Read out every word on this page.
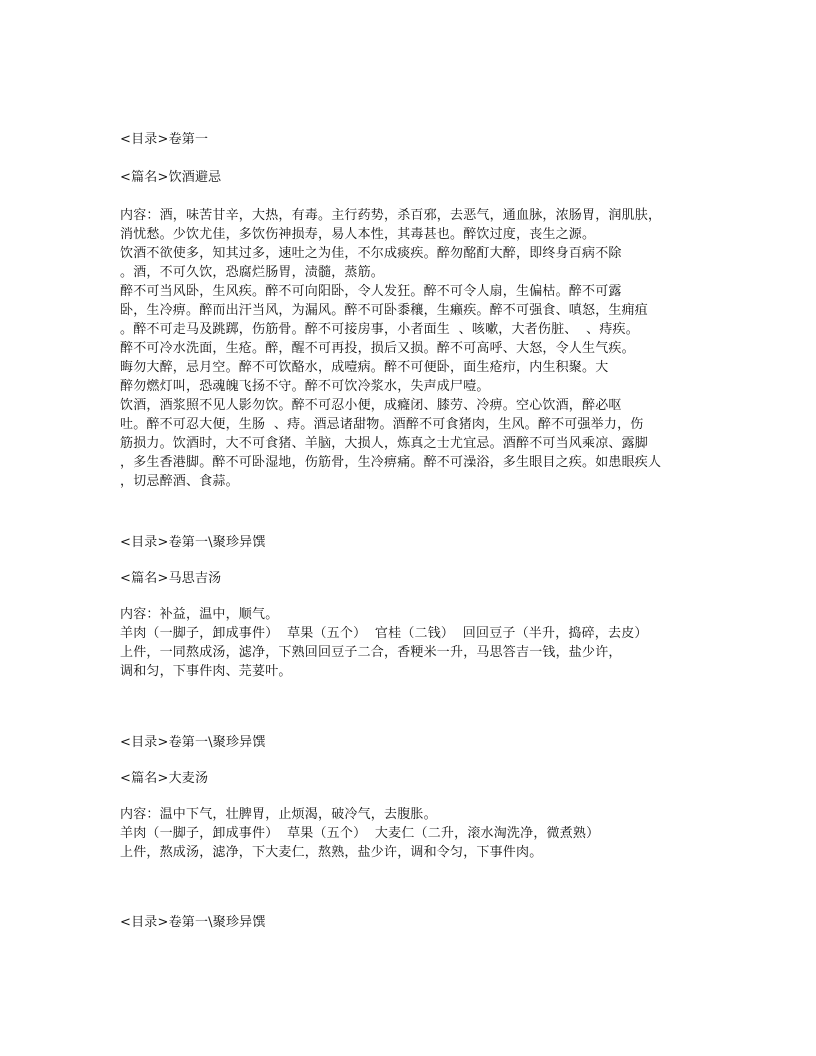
<目录>卷第一
<篇名>饮酒避忌
内容：酒，味苦甘辛，大热，有毒。主行药势，杀百邪，去恶气，通血脉，浓肠胃，润肌肤，
消忧愁。少饮尤佳，多饮伤神损寿，易人本性，其毒甚也。醉饮过度，丧生之源。
饮酒不欲使多，知其过多，速吐之为佳，不尔成痰疾。醉勿酩酊大醉，即终身百病不除
。酒，不可久饮，恐腐烂肠胃，渍髓，蒸筋。
醉不可当风卧，生风疾。醉不可向阳卧，令人发狂。醉不可令人扇，生偏枯。醉不可露
卧，生冷痹。醉而出汗当风，为漏风。醉不可卧黍穰，生癞疾。醉不可强食、嗔怒，生痈疽
。醉不可走马及跳踯，伤筋骨。醉不可接房事，小者面生  、咳嗽，大者伤脏、  、痔疾。
醉不可冷水洗面，生疮。醉，醒不可再投，损后又损。醉不可高呼、大怒，令人生气疾。
晦勿大醉，忌月空。醉不可饮酪水，成噎病。醉不可便卧，面生疮疖，内生积聚。大
醉勿燃灯叫，恐魂魄飞扬不守。醉不可饮冷浆水，失声成尸噎。
饮酒，酒浆照不见人影勿饮。醉不可忍小便，成癃闭、膝劳、冷痹。空心饮酒，醉必呕
吐。醉不可忍大便，生肠  、痔。酒忌诸甜物。酒醉不可食猪肉，生风。醉不可强举力，伤
筋损力。饮酒时，大不可食猪、羊脑，大损人，炼真之士尤宜忌。酒醉不可当风乘凉、露脚
，多生香港脚。醉不可卧湿地，伤筋骨，生冷痹痛。醉不可澡浴，多生眼目之疾。如患眼疾人
，切忌醉酒、食蒜。
<目录>卷第一\聚珍异馔
<篇名>马思吉汤
内容：补益，温中，顺气。
羊肉（一脚子，卸成事件）  草果（五个）  官桂（二钱）  回回豆子（半升，捣碎，去皮）
上件，一同熬成汤，滤净，下熟回回豆子二合，香粳米一升，马思答吉一钱，盐少许，
调和匀，下事件肉、芫荽叶。
<目录>卷第一\聚珍异馔
<篇名>大麦汤
内容：温中下气，壮脾胃，止烦渴，破冷气，去腹胀。
羊肉（一脚子，卸成事件）  草果（五个）  大麦仁（二升，滚水淘洗净，微煮熟）
上件，熬成汤，滤净，下大麦仁，熬熟，盐少许，调和令匀，下事件肉。
<目录>卷第一\聚珍异馔
